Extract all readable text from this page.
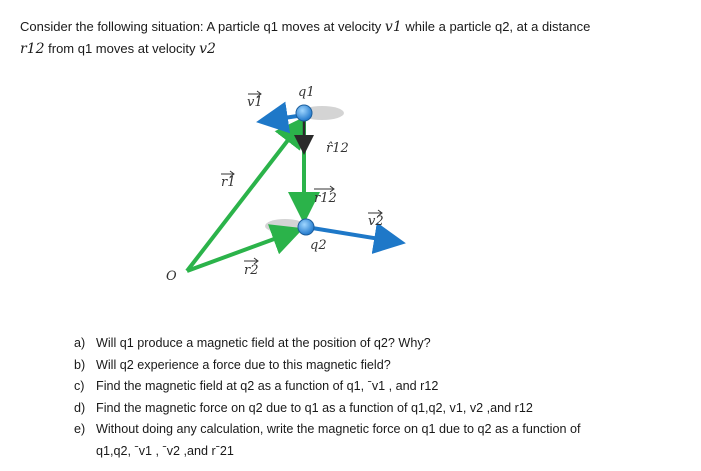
Consider the following situation: A particle q1 moves at velocity v1 while a particle q2, at a distance
r12 from q1 moves at velocity v2
v1
q1
r̂12
r1
r12
v2
q2
r2
O
a) Will q1 produce a magnetic field at the position of q2? Why?
b) Will q2 experience a force due to this magnetic field?
c) Find the magnetic field at q2 as a function of q1, ˉv1 , and r12
d) Find the magnetic force on q2 due to q1 as a function of q1,q2, v1, v2 ,and r12
e) Without doing any calculation, write the magnetic force on q1 due to q2 as a function of
q1,q2, ˉv1 , ˉv2 ,and rˉ21
